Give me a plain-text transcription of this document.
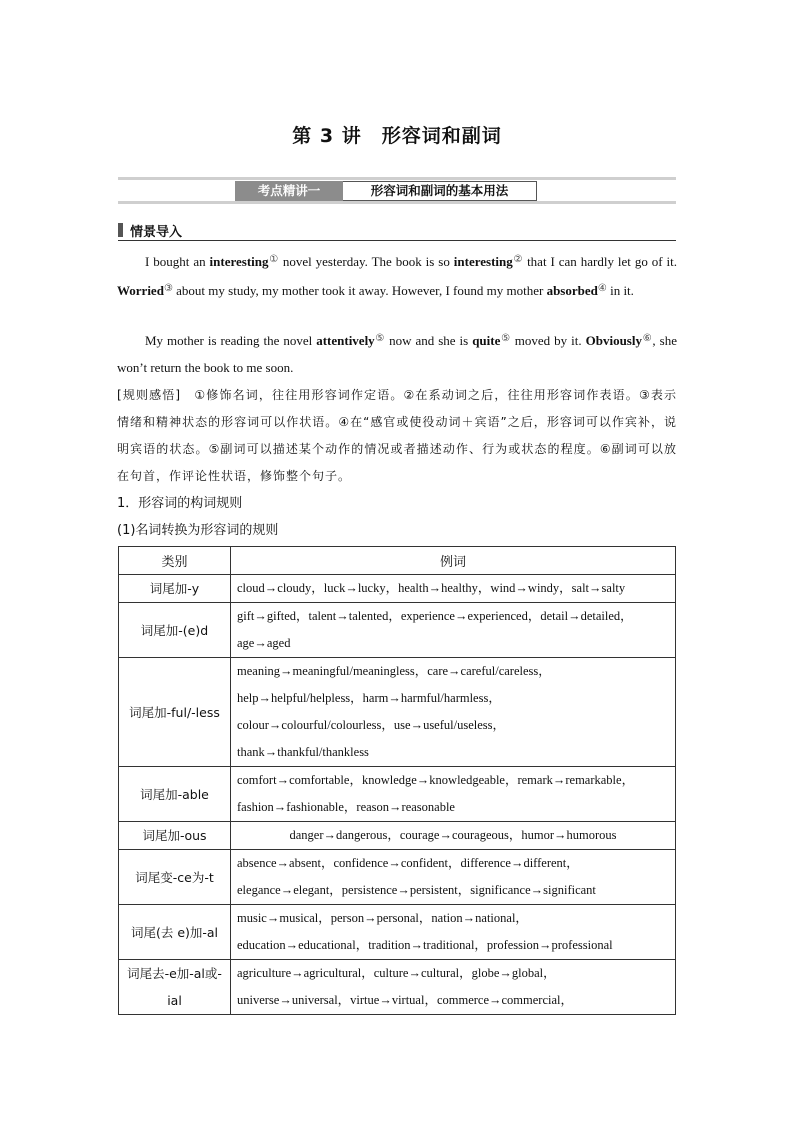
第 3 讲　形容词和副词
考点精讲一	形容词和副词的基本用法
情景导入
I bought an interesting① novel yesterday. The book is so interesting② that I can hardly let go of it. Worried③ about my study, my mother took it away. However, I found my mother absorbed④ in it.
My mother is reading the novel attentively⑤ now and she is quite⑤ moved by it. Obviously⑥, she won’t return the book to me soon.
[规则感悟]　①修饰名词，往往用形容词作定语。②在系动词之后，往往用形容词作表语。③表示情绪和精神状态的形容词可以作状语。④在“感官或使役动词＋宾语”之后，形容词可以作宾补，说明宾语的状态。⑤副词可以描述某个动作的情况或者描述动作、行为或状态的程度。⑥副词可以放在句首，作评论性状语，修饰整个句子。
1．形容词的构词规则
(1)名词转换为形容词的规则
类别	例词
词尾加-y	cloud→cloudy，luck→lucky，health→healthy，wind→windy，salt→salty

词尾加-(e)d	gift→gifted，talent→talented，experience→experienced，detail→detailed，
age→aged

词尾加-ful/-less	meaning→meaningful/meaningless，care→careful/careless，
help→helpful/helpless，harm→harmful/harmless，
colour→colourful/colourless，use→useful/useless，
thank→thankful/thankless

词尾加-able	comfort→comfortable，knowledge→knowledgeable，remark→remarkable，
fashion→fashionable，reason→reasonable

词尾加-ous	danger→dangerous，courage→courageous，humor→humorous

词尾变-ce为-t	absence→absent，confidence→confident，difference→different，
elegance→elegant，persistence→persistent，significance→significant

词尾(去 e)加-al	music→musical，person→personal，nation→national，
education→educational，tradition→traditional，profession→professional

词尾去-e加-al或-ial	agriculture→agricultural，culture→cultural，globe→global，
universe→universal，virtue→virtual，commerce→commercial，
